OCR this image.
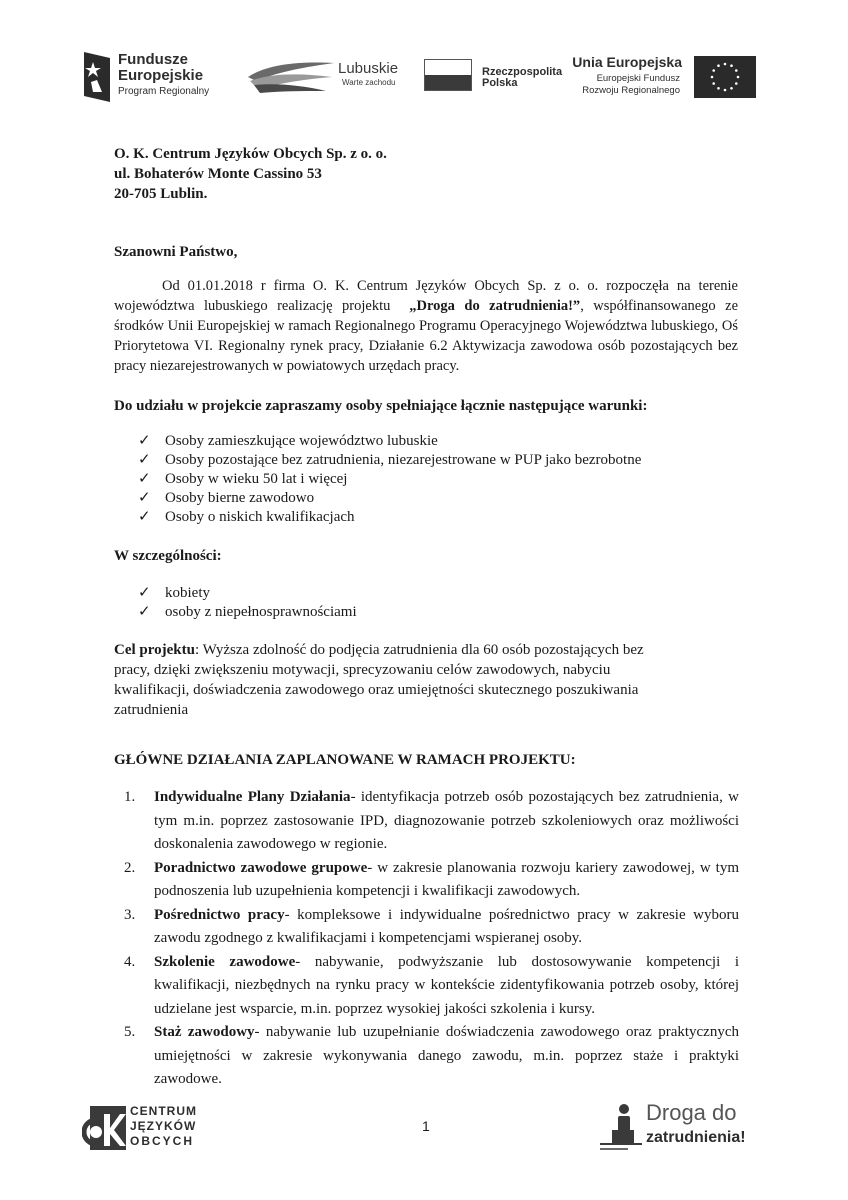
Fundusze
Europejskie
Program Regionalny
Lubuskie
Warte zachodu
Rzeczpospolita
Polska
Unia Europejska
Europejski Fundusz
Rozwoju Regionalnego
O. K. Centrum Języków Obcych Sp. z o. o.
ul. Bohaterów Monte Cassino 53
20-705 Lublin.
Szanowni Państwo,
Od 01.01.2018 r firma O. K. Centrum Języków Obcych Sp. z o. o. rozpoczęła na terenie województwa lubuskiego realizację projektu „Droga do zatrudnienia!”, współfinansowanego ze środków Unii Europejskiej w ramach Regionalnego Programu Operacyjnego Województwa lubuskiego, Oś Priorytetowa VI. Regionalny rynek pracy, Działanie 6.2 Aktywizacja zawodowa osób pozostających bez pracy niezarejestrowanych w powiatowych urzędach pracy.
Do udziału w projekcie zapraszamy osoby spełniające łącznie następujące warunki:
✓ Osoby zamieszkujące województwo lubuskie
✓ Osoby pozostające bez zatrudnienia, niezarejestrowane w PUP jako bezrobotne
✓ Osoby w wieku 50 lat i więcej
✓ Osoby bierne zawodowo
✓ Osoby o niskich kwalifikacjach
W szczególności:
✓ kobiety
✓ osoby z niepełnosprawnościami
Cel projektu: Wyższa zdolność do podjęcia zatrudnienia dla 60 osób pozostających bez pracy, dzięki zwiększeniu motywacji, sprecyzowaniu celów zawodowych, nabyciu kwalifikacji, doświadczenia zawodowego oraz umiejętności skutecznego poszukiwania zatrudnienia
GŁÓWNE DZIAŁANIA ZAPLANOWANE W RAMACH PROJEKTU:
1.	Indywidualne Plany Działania- identyfikacja potrzeb osób pozostających bez zatrudnienia, w tym m.in. poprzez zastosowanie IPD, diagnozowanie potrzeb szkoleniowych oraz możliwości doskonalenia zawodowego w regionie.
2.	Poradnictwo zawodowe grupowe- w zakresie planowania rozwoju kariery zawodowej, w tym podnoszenia lub uzupełnienia kompetencji i kwalifikacji zawodowych.
3.	Pośrednictwo pracy- kompleksowe i indywidualne pośrednictwo pracy w zakresie wyboru zawodu zgodnego z kwalifikacjami i kompetencjami wspieranej osoby.
4.	Szkolenie zawodowe- nabywanie, podwyższanie lub dostosowywanie kompetencji i kwalifikacji, niezbędnych na rynku pracy w kontekście zidentyfikowania potrzeb osoby, której udzielane jest wsparcie, m.in. poprzez wysokiej jakości szkolenia i kursy.
5.	Staż zawodowy- nabywanie lub uzupełnianie doświadczenia zawodowego oraz praktycznych umiejętności w zakresie wykonywania danego zawodu, m.in. poprzez staże i praktyki zawodowe.
CENTRUM
JĘZYKÓW
OBCYCH
1
Droga do
zatrudnienia!
